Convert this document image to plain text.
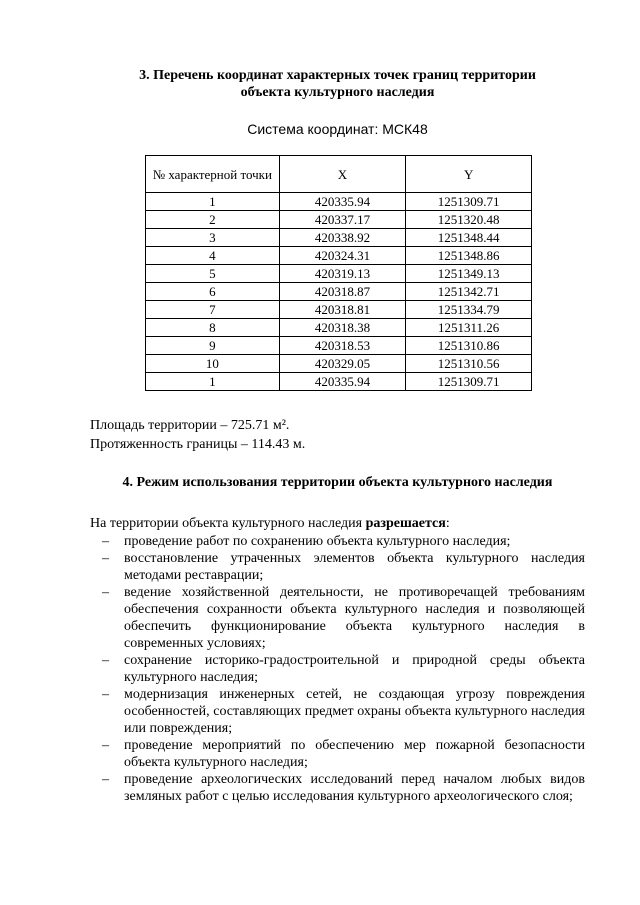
3. Перечень координат характерных точек границ территории
объекта культурного наследия

Система координат: МСК48

№ характерной точки	X	Y
1	420335.94	1251309.71
2	420337.17	1251320.48
3	420338.92	1251348.44
4	420324.31	1251348.86
5	420319.13	1251349.13
6	420318.87	1251342.71
7	420318.81	1251334.79
8	420318.38	1251311.26
9	420318.53	1251310.86
10	420329.05	1251310.56
1	420335.94	1251309.71

Площадь территории – 725.71 м².

Протяженность границы – 114.43 м.

4. Режим использования территории объекта культурного наследия

На территории объекта культурного наследия разрешается:

– проведение работ по сохранению объекта культурного наследия;
– восстановление утраченных элементов объекта культурного наследия методами реставрации;
– ведение хозяйственной деятельности, не противоречащей требованиям обеспечения сохранности объекта культурного наследия и позволяющей обеспечить функционирование объекта культурного наследия в современных условиях;
– сохранение историко-градостроительной и природной среды объекта культурного наследия;
– модернизация инженерных сетей, не создающая угрозу повреждения особенностей, составляющих предмет охраны объекта культурного наследия или повреждения;
– проведение мероприятий по обеспечению мер пожарной безопасности объекта культурного наследия;
– проведение археологических исследований перед началом любых видов земляных работ с целью исследования культурного археологического слоя;
